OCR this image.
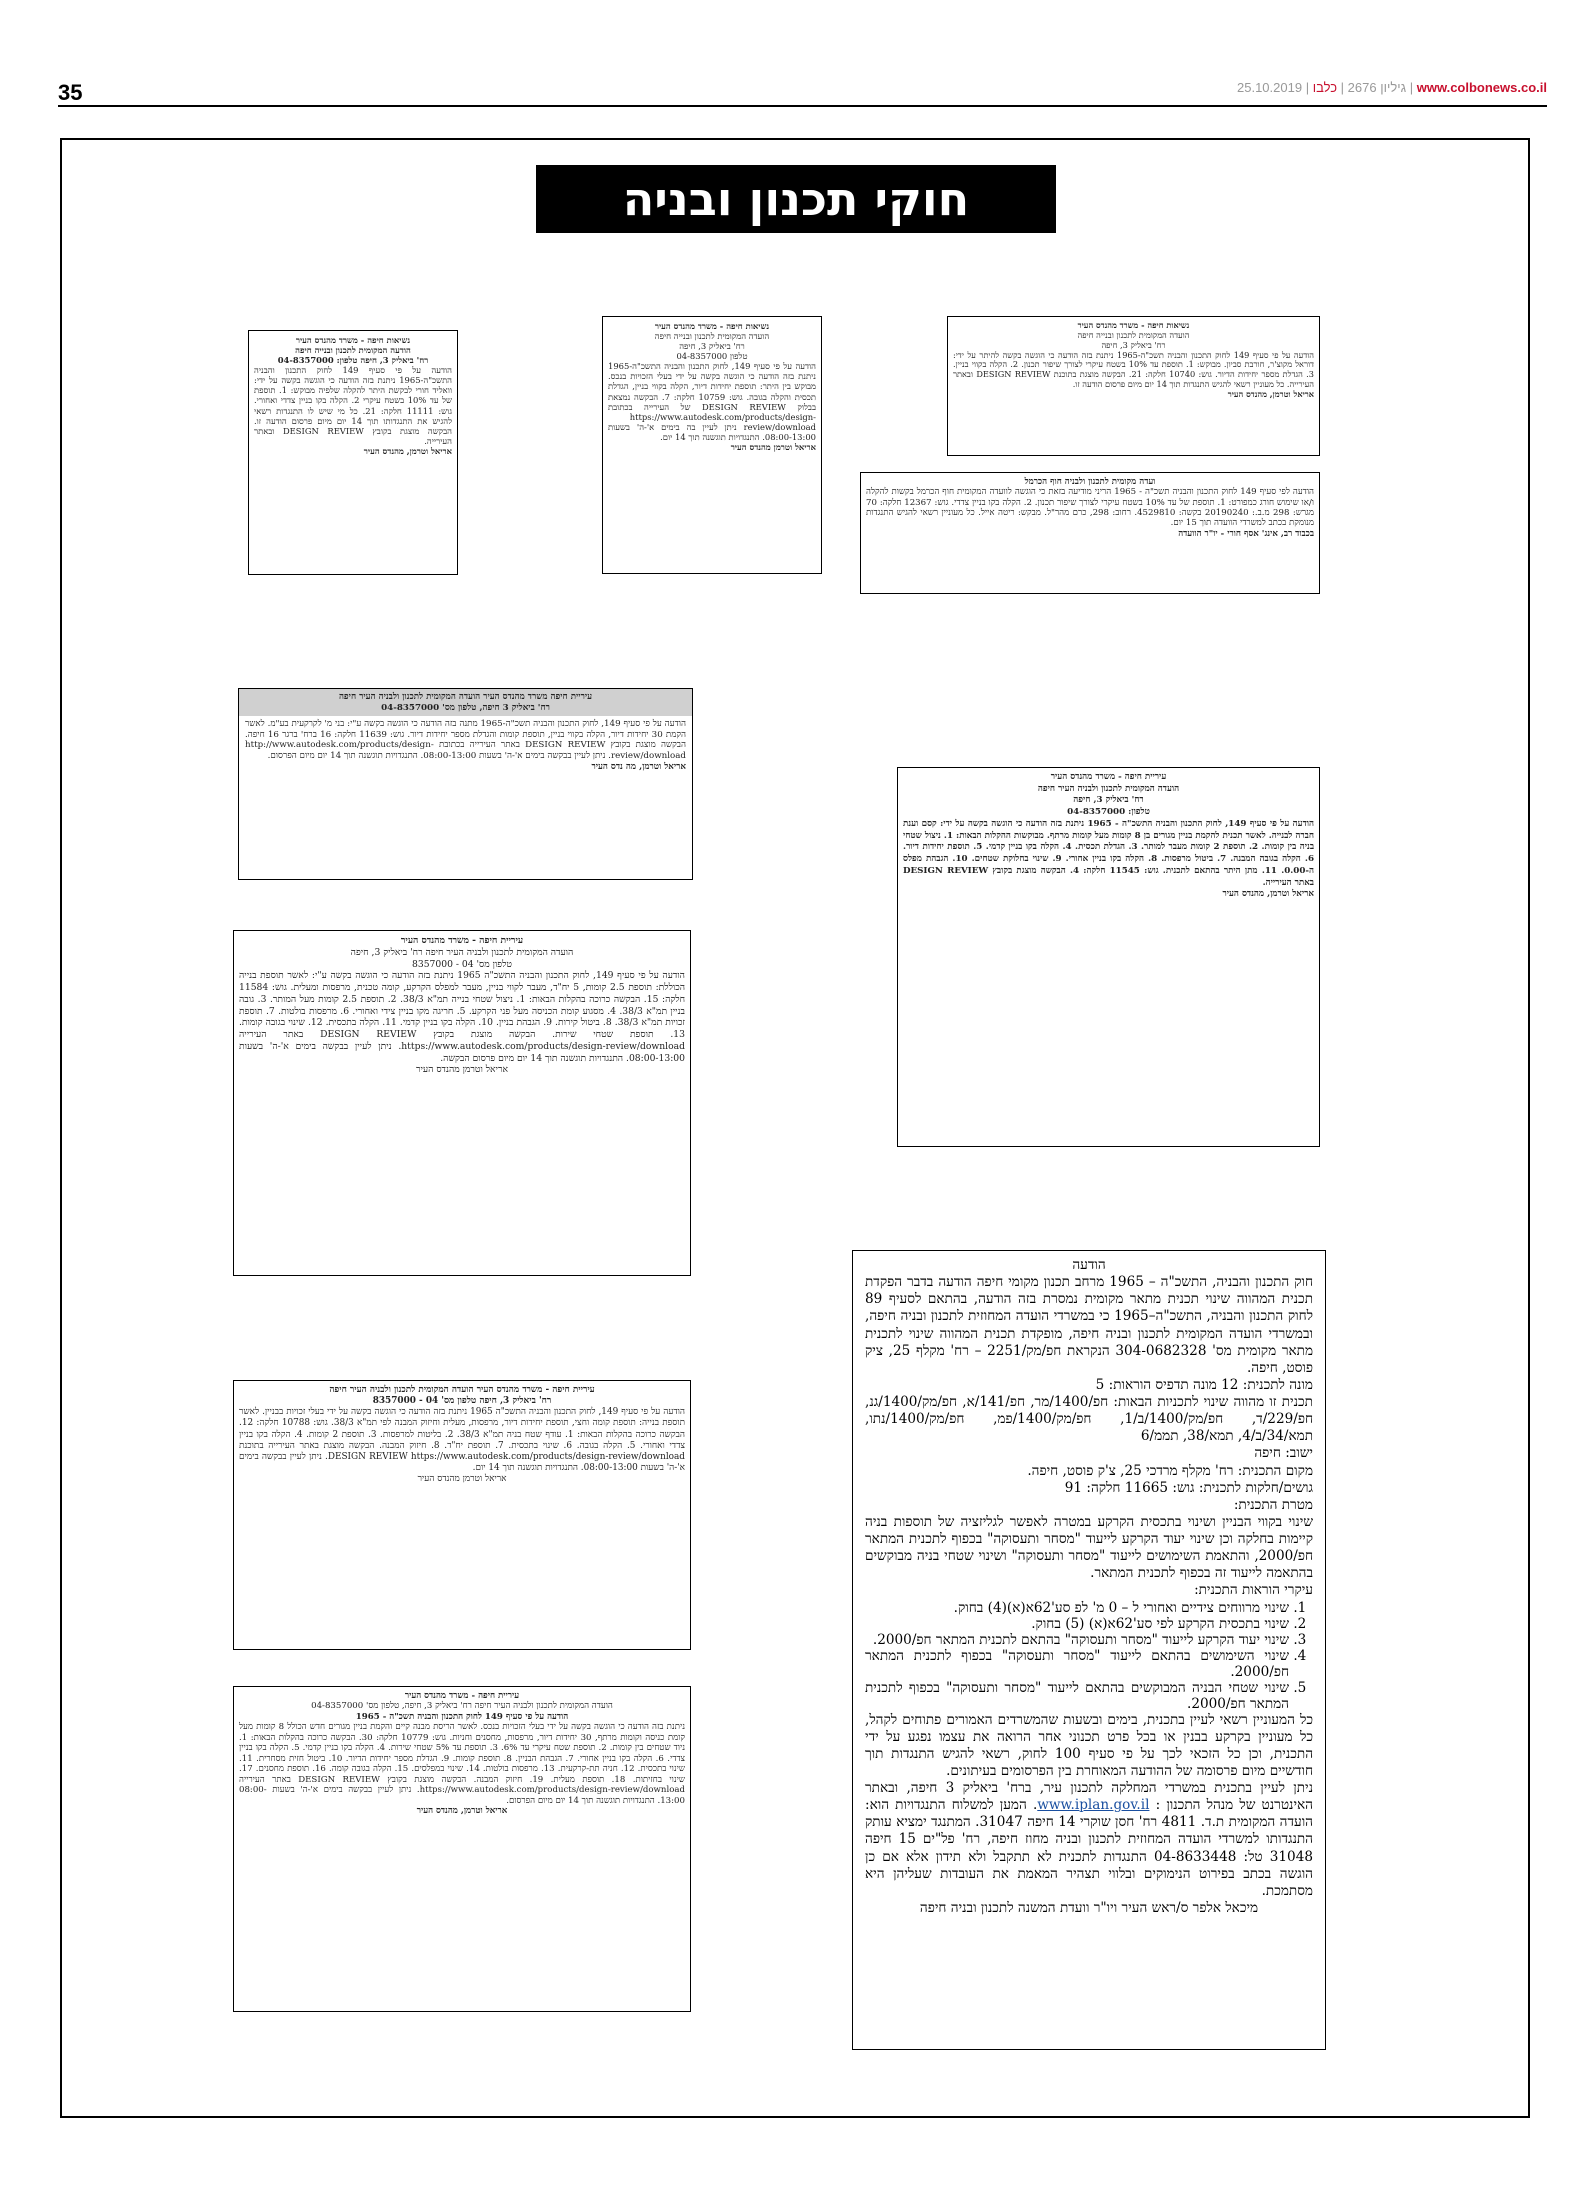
35	25.10.2019 |	גיליון 2676 | כלבו	| www.colbonews.co.il
חוקי תכנון ובניה

נשיאות חיפה - משרד מהנדס העיר

הודעה המקומית לתכנון ובנייה חיפה

רח' ביאליק 3, חיפה טלפון: 04-8357000

הודעה על פי סעיף 149 לחוק התכנון והבניה התשכ"ה-1965 ניתנת בזה הודעה כי הוגשה בקשה על ידי: וואליד חורי לבקשת היתר להקלה שלפיה מבוקש: 1. תוספת של עד 10% בשטח עיקרי 2. הקלה בקו בניין צדדי ואחורי. גוש: 11111 חלקה: 21. כל מי שיש לו התנגדות רשאי להגיש את התנגדותו תוך 14 יום מיום פרסום הודעה זו. הבקשה מוצגת בקובץ DESIGN REVIEW ובאתר העירייה.

אריאל וטרמן, מהנדס העיר

נשיאות חיפה - משרד מהנדס העיר

הועדה המקומית לתכנון ובנייה חיפה

רח' ביאליק 3, חיפה

טלפון 04-8357000

הודעה על פי סעיף 149, לחוק התכנון והבניה התשכ"ה-1965 ניתנת בזה הודעה כי הוגשה בקשה על ידי בעלי הזכויות בנכס. מבוקש בין היתר: תוספת יחידות דיור, הקלה בקווי בניין, הגדלת תכסית והקלה בגובה. גוש: 10759 חלקה: 7. הבקשה נמצאת בבלוק DESIGN REVIEW של העירייה בכתובת https://www.autodesk.com/products/design-review/download ניתן לעיין בה בימים א'-ה' בשעות 08:00-13:00. התנגדויות תוגשנה תוך 14 יום.

אריאל וטרמן מהנדס העיר

נשיאות חיפה - משרד מהנדס העיר

הועדה המקומית לתכנון ובנייה חיפה

רח' ביאליק 3, חיפה

הודעה על פי סעיף 149 לחוק התכנון והבניה תשכ"ה-1965 ניתנת בזה הודעה כי הוגשה בקשה להיתר על ידי: דוראל מקוצ'ר, חורבת סביון. מבוקש: 1. תוספת עד 10% בשטח עיקרי לצורך שיפור תכנון. 2. הקלה בקווי בניין. 3. הגדלת מספר יחידות הדיור. גוש: 10740 חלקה: 21. הבקשה מוצגת בתוכנת DESIGN REVIEW ובאתר העירייה. כל מעוניין רשאי להגיש התנגדות תוך 14 יום מיום פרסום הודעה זו.

אריאל וטרמן, מהנדס העיר

ועדה מקומית לתכנון ולבניה חוף הכרמל

הודעה לפי סעיף 149 לחוק התכנון והבניה תשכ"ה - 1965 הריני מודיעה בזאת כי הוגשה לוועדה המקומית חוף הכרמל בקשות להקלה ו/או שימוש חורג כמפורט: 1. תוספת של עד 10% בשטח עיקרי לצורך שיפור תכנון. 2. הקלה בקו בניין צדדי. גוש: 12367 חלקה: 70 מגרש: 298 מ.ב.: 20190240 בקשה: 4529810. רחוב: 298, כרם מהר"ל. מבקש: ריטה אייל. כל מעוניין רשאי להגיש התנגדות מנומקת בכתב למשרדי הוועדה תוך 15 יום.

בכבוד רב, אינג' אסף חורי - יו"ר הוועדה

עיריית חיפה משרד מהנדס העיר הועדה המקומית לתכנון ולבניה העיר חיפה

רח' ביאליק 3 חיפה, טלפון מס' 04-8357000

הודעה על פי סעיף 149, לחוק התכנון והבניה תשכ"ה-1965 מתנה בזה הודעה כי הוגשה בקשה ע"י: בני מ' לקרקעית בע"מ. לאשר הקמת 30 יחידות דיור, הקלה בקווי בניין, תוספת קומות והגדלת מספר יחידות דיור. גוש: 11639 חלקה: 16 ברח' ברגר 16 חיפה. הבקשה מוצגת בקובץ DESIGN REVIEW באתר העירייה בכתובת http://www.autodesk.com/products/design-review/download. ניתן לעיין בבקשה בימים א'-ה' בשעות 08:00-13:00. התנגדויות תוגשנה תוך 14 יום מיום הפרסום.

אריאל וטרמן, מה נדס העיר

עיריית חיפה - משרד מהנדס העיר

הועדה המקומית לתכנון ולבניה העיר חיפה

רח' ביאליק 3, חיפה

טלפון: 04-8357000

הודעה על פי סעיף 149, לחוק התכנון והבניה התשכ"ה - 1965 ניתנת בזה הודעה כי הוגשה בקשה על ידי: קסם וענת חברה לבנייה. לאשר תכנית להקמת בניין מגורים בן 8 קומות מעל קומות מרתף. מבוקשות ההקלות הבאות: 1. ניצול שטחי בניה בין קומות. 2. תוספת 2 קומות מעבר למותר. 3. הגדלת תכסית. 4. הקלה בקו בניין קדמי. 5. תוספת יחידות דיור. 6. הקלה בגובה המבנה. 7. ביטול מרפסות. 8. הקלה בקו בניין אחורי. 9. שינוי בחלוקת שטחים. 10. הגבהת מפלס ה-0.00. 11. מתן היתר בהתאם לתכנית. גוש: 11545 חלקה: 4. הבקשה מוצגת בקובץ DESIGN REVIEW באתר העירייה.

אריאל וטרמן, מהנדס העיר

עיריית חיפה - משרד מהנדס העיר

הועדה המקומית לתכנון ולבניה העיר חיפה רח' ביאליק 3, חיפה

טלפון מס' 04 - 8357000

הודעה על פי סעיף 149, לחוק התכנון והבניה התשכ"ה 1965 ניתנת בזה הודעה כי הוגשה בקשה ע"י: לאשר תוספת בנייה הכוללת: תוספת 2.5 קומות, 5 יח"ד, מעבר לקווי בניין, מעבר למפלס הקרקע, קומה טכנית, מרפסות ומעלית. גוש: 11584 חלקה: 15. הבקשה כרוכה בהקלות הבאות: 1. ניצול שטחי בנייה תמ"א 38/3. 2. תוספת 2.5 קומות מעל המותר. 3. גובה בניין תמ"א 38/3. 4. מסגוע קומת הכניסה מעל פני הקרקע. 5. חריגה מקו בניין צידי ואחורי. 6. מרפסות בולטות. 7. תוספת זכויות תמ"א 38/3. 8. ביטול קירות. 9. הגבהת בניין. 10. הקלה בקו בניין קדמי. 11. הקלה בתכסית. 12. שינוי בגובה קומות. 13. תוספת שטחי שירות. הבקשה מוצגת בקובץ DESIGN REVIEW באתר העירייה https://www.autodesk.com/products/design-review/download. ניתן לעיין בבקשה בימים א'-ה' בשעות 08:00-13:00. התנגדויות תוגשנה תוך 14 יום מיום פרסום הבקשה.

אריאל וטרמן מהנדס העיר

עיריית חיפה - משרד מהנדס העיר הועדה המקומית לתכנון ולבניה העיר חיפה

רח' ביאליק 3, חיפה טלפון מס' 04 - 8357000

הודעה על פי סעיף 149, לחוק התכנון והבניה התשכ"ה 1965 ניתנת בזה הודעה כי הוגשה בקשה על ידי בעלי זכויות בבניין. לאשר תוספת בנייה: תוספת קומה וחצי, תוספת יחידות דיור, מרפסות, מעלית וחיזוק המבנה לפי תמ"א 38/3. גוש: 10788 חלקה: 12. הבקשה כרוכה בהקלות הבאות: 1. עודף שטח בניה תמ"א 38/3. 2. בליטות למרפסות. 3. תוספת 2 קומות. 4. הקלה בקו בניין צדדי ואחורי. 5. הקלה בגובה. 6. שינוי בתכסית. 7. תוספת יח"ד. 8. חיזוק המבנה. הבקשה מוצגת באתר העירייה בתוכנת DESIGN REVIEW https://www.autodesk.com/products/design-review/download. ניתן לעיין בבקשה בימים א'-ה' בשעות 08:00-13:00. התנגדויות תוגשנה תוך 14 יום.

אריאל וטרמן מהנדס העיר

עיריית חיפה - משרד מהנדס העיר

הועדה המקומית לתכנון ולבניה העיר חיפה רח' ביאליק 3, חיפה, טלפון מס' 04-8357000

הודעה על פי סעיף 149 לחוק התכנון והבניה תשכ"ה - 1965

ניתנת בזה הודעה כי הוגשה בקשה על ידי בעלי הזכויות בנכס. לאשר הריסת מבנה קיים והקמת בניין מגורים חדש הכולל 8 קומות מעל קומת כניסה וקומות מרתף, 30 יחידות דיור, מרפסות, מחסנים וחניות. גוש: 10779 חלקה: 30. הבקשה כרוכה בהקלות הבאות: 1. ניוד שטחים בין קומות. 2. תוספת שטח עיקרי עד 6%. 3. תוספת עד 5% שטחי שירות. 4. הקלה בקו בניין קדמי. 5. הקלה בקו בניין צדדי. 6. הקלה בקו בניין אחורי. 7. הגבהת הבניין. 8. תוספת קומות. 9. הגדלת מספר יחידות הדיור. 10. ביטול חזית מסחרית. 11. שינוי בתכסית. 12. חניה תת-קרקעית. 13. מרפסות בולטות. 14. שינוי במפלסים. 15. הקלה בגובה קומה. 16. תוספת מחסנים. 17. שינוי בחזיתות. 18. תוספת מעלית. 19. חיזוק המבנה. הבקשה מוצגת בקובץ DESIGN REVIEW באתר העירייה https://www.autodesk.com/products/design-review/download. ניתן לעיין בבקשה בימים א'-ה' בשעות 08:00-13:00. התנגדויות תוגשנה תוך 14 יום מיום הפרסום.

אריאל וטרמן, מהנדס העיר

הודעה

חוק התכנון והבניה, התשכ"ה – 1965 מרחב תכנון מקומי חיפה הודעה בדבר הפקדת תכנית המהווה שינוי תכנית מתאר מקומית נמסרת בזה הודעה, בהתאם לסעיף 89 לחוק התכנון והבניה, התשכ"ה–1965 כי במשרדי הועדה המחוזית לתכנון ובניה חיפה, ובמשרדי הועדה המקומית לתכנון ובניה חיפה, מופקדת תכנית המהווה שינוי לתכנית מתאר מקומית מס' 304-0682328 הנקראת חפ/מק/2251 – רח' מקלף 25, ציק פוסט, חיפה.

מונה לתכנית: 12 מונה תדפיס הוראות: 5

תכנית זו מהווה שינוי לתכניות הבאות: חפ/1400/מר, חפ/141/א, חפ/מק/1400/גנ, חפ/229/ד, חפ/מק/1400/ב/1, חפ/מק/1400/פמ, חפ/מק/1400/נתו, תמא/34/ב/4, תמא/38, תממ/6

ישוב: חיפה

מקום התכנית: רח' מקלף מרדכי 25, צ'ק פוסט, חיפה.

גושים/חלקות לתכנית: גוש: 11665 חלקה: 91

מטרת התכנית:

שינוי בקווי הבניין ושינוי בתכסית הקרקע במטרה לאפשר לגליזציה של תוספות בניה קיימות בחלקה וכן שינוי יעוד הקרקע לייעוד "מסחר ותעסוקה" בכפוף לתכנית המתאר חפ/2000, והתאמת השימושים לייעוד "מסחר ותעסוקה" ושינוי שטחי בניה מבוקשים בהתאמה לייעוד זה בכפוף לתכנית המתאר.

עיקרי הוראות התכנית:

1. שינוי מרווחים צידיים ואחורי ל – 0 מ' לפ סע'62א(א)(4) בחוק.
2. שינוי בתכסית הקרקע לפי סע'62א(א) (5) בחוק.
3. שינוי יעוד הקרקע לייעוד "מסחר ותעסוקה" בהתאם לתכנית המתאר חפ/2000.
4. שינוי השימושים בהתאם לייעוד "מסחר ותעסוקה" בכפוף לתכנית המתאר חפ/2000.
5. שינוי שטחי הבניה המבוקשים בהתאם לייעוד "מסחר ותעסוקה" בכפוף לתכנית המתאר חפ/2000.

כל המעוניין רשאי לעיין בתכנית, בימים ובשעות שהמשרדים האמורים פתוחים לקהל, כל מעוניין בקרקע בבנין או בכל פרט תכנוני אחר הרואה את עצמו נפגע על ידי התכנית, וכן כל הזכאי לכך על פי סעיף 100 לחוק, רשאי להגיש התנגדות תוך חודשיים מיום פרסומה של ההודעה המאוחרת בין הפרסומים בעיתונים.

ניתן לעיין בתכנית במשרדי המחלקה לתכנון עיר, ברח' ביאליק 3 חיפה, ובאתר האינטרנט של מנהל התכנון : www.iplan.gov.il. המען למשלוח התנגדויות הוא: הועדה המקומית ת.ד. 4811 רח' חסן שוקרי 14 חיפה 31047. המתנגד ימציא עותק התנגדותו למשרדי הועדה המחוזית לתכנון ובניה מחוז חיפה, רח' פל"ים 15 חיפה 31048 טל: 04-8633448 התנגדות לתכנית לא תתקבל ולא תידון אלא אם כן הוגשה בכתב בפירוט הנימוקים ובלווי תצהיר המאמת את העובדות שעליהן היא מסתמכת.

מיכאל אלפר ס/ראש העיר ויו"ר וועדת המשנה לתכנון ובניה חיפה
